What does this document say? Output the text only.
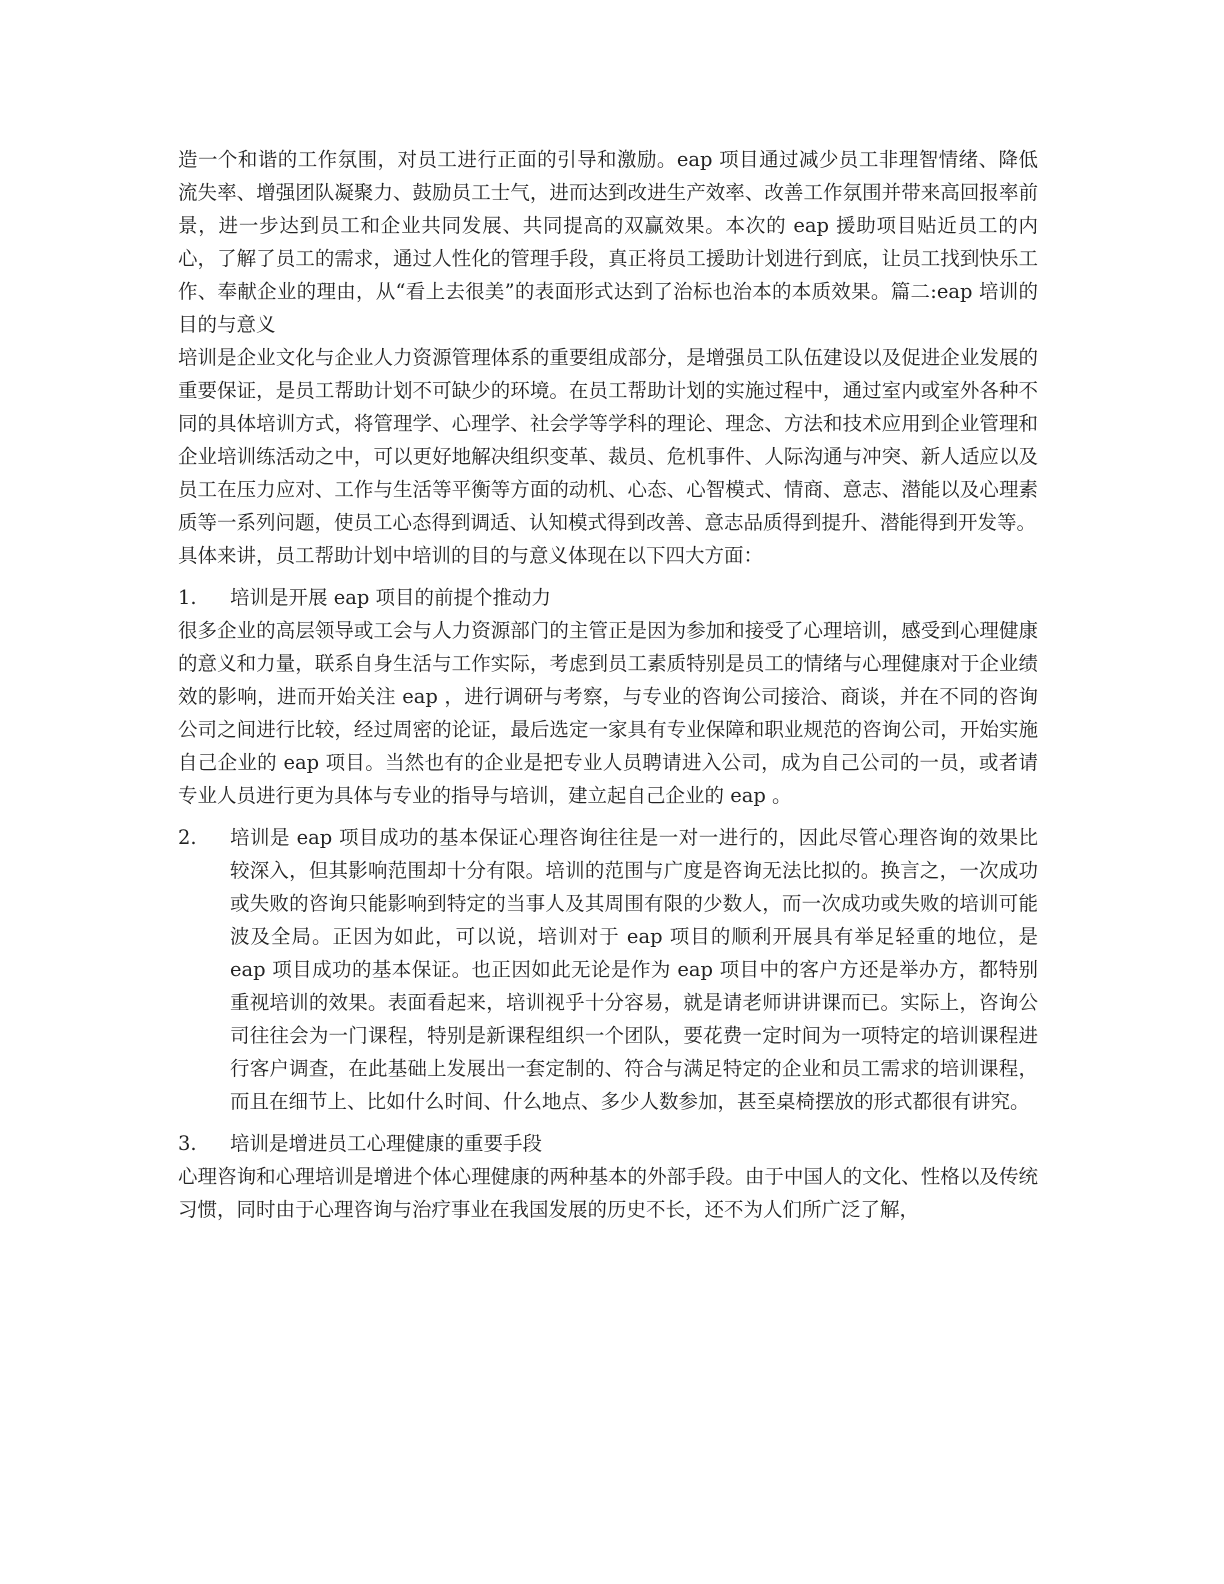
造一个和谐的工作氛围，对员工进行正面的引导和激励。eap 项目通过减少员工非理智情绪、降低流失率、增强团队凝聚力、鼓励员工士气，进而达到改进生产效率、改善工作氛围并带来高回报率前景，进一步达到员工和企业共同发展、共同提高的双赢效果。本次的 eap 援助项目贴近员工的内心，了解了员工的需求，通过人性化的管理手段，真正将员工援助计划进行到底，让员工找到快乐工作、奉献企业的理由，从“看上去很美”的表面形式达到了治标也治本的本质效果。篇二:eap 培训的目的与意义

培训是企业文化与企业人力资源管理体系的重要组成部分，是增强员工队伍建设以及促进企业发展的重要保证，是员工帮助计划不可缺少的环境。在员工帮助计划的实施过程中，通过室内或室外各种不同的具体培训方式，将管理学、心理学、社会学等学科的理论、理念、方法和技术应用到企业管理和企业培训练活动之中，可以更好地解决组织变革、裁员、危机事件、人际沟通与冲突、新人适应以及员工在压力应对、工作与生活等平衡等方面的动机、心态、心智模式、情商、意志、潜能以及心理素质等一系列问题，使员工心态得到调适、认知模式得到改善、意志品质得到提升、潜能得到开发等。

具体来讲，员工帮助计划中培训的目的与意义体现在以下四大方面：

1.	培训是开展 eap 项目的前提个推动力

很多企业的高层领导或工会与人力资源部门的主管正是因为参加和接受了心理培训，感受到心理健康的意义和力量，联系自身生活与工作实际，考虑到员工素质特别是员工的情绪与心理健康对于企业绩效的影响，进而开始关注 eap ，进行调研与考察，与专业的咨询公司接洽、商谈，并在不同的咨询公司之间进行比较，经过周密的论证，最后选定一家具有专业保障和职业规范的咨询公司，开始实施自己企业的 eap 项目。当然也有的企业是把专业人员聘请进入公司，成为自己公司的一员，或者请专业人员进行更为具体与专业的指导与培训，建立起自己企业的 eap 。

2.	培训是 eap 项目成功的基本保证心理咨询往往是一对一进行的，因此尽管心理咨询的效果比较深入，但其影响范围却十分有限。培训的范围与广度是咨询无法比拟的。换言之，一次成功或失败的咨询只能影响到特定的当事人及其周围有限的少数人，而一次成功或失败的培训可能波及全局。正因为如此，可以说，培训对于 eap 项目的顺利开展具有举足轻重的地位，是 eap 项目成功的基本保证。也正因如此无论是作为 eap 项目中的客户方还是举办方，都特别重视培训的效果。表面看起来，培训视乎十分容易，就是请老师讲讲课而已。实际上，咨询公司往往会为一门课程，特别是新课程组织一个团队，要花费一定时间为一项特定的培训课程进行客户调查，在此基础上发展出一套定制的、符合与满足特定的企业和员工需求的培训课程，而且在细节上、比如什么时间、什么地点、多少人数参加，甚至桌椅摆放的形式都很有讲究。
3.	培训是增进员工心理健康的重要手段

心理咨询和心理培训是增进个体心理健康的两种基本的外部手段。由于中国人的文化、性格以及传统习惯，同时由于心理咨询与治疗事业在我国发展的历史不长，还不为人们所广泛了解，
